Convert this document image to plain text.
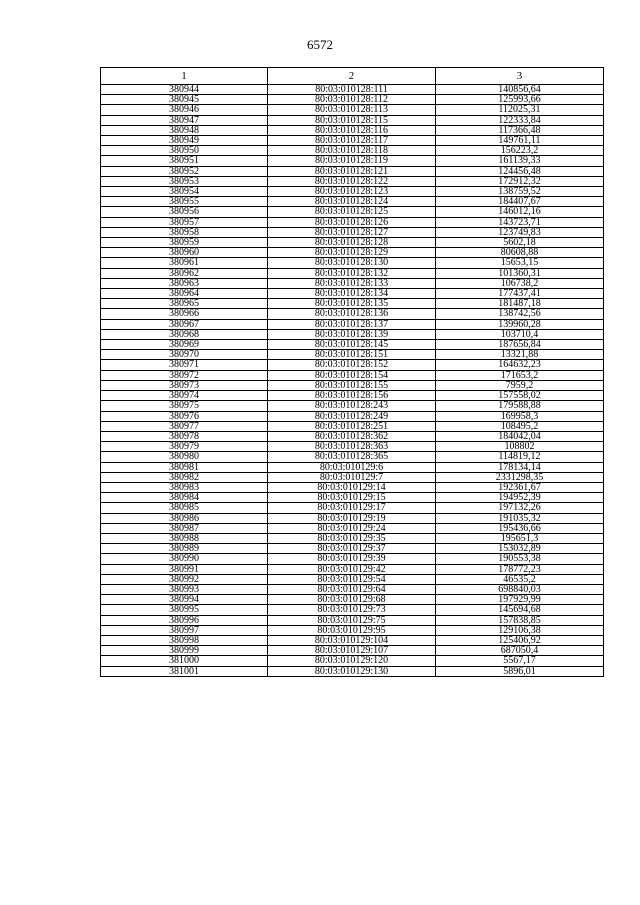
6572
1	2	3
380944	80:03:010128:111	140856,64
380945	80:03:010128:112	125993,66
380946	80:03:010128:113	112025,31
380947	80:03:010128:115	122333,84
380948	80:03:010128:116	117366,48
380949	80:03:010128:117	149761,11
380950	80:03:010128:118	156223,2
380951	80:03:010128:119	161139,33
380952	80:03:010128:121	124456,48
380953	80:03:010128:122	172912,32
380954	80:03:010128:123	138759,52
380955	80:03:010128:124	184407,67
380956	80:03:010128:125	146012,16
380957	80:03:010128:126	143723,71
380958	80:03:010128:127	123749,83
380959	80:03:010128:128	5602,18
380960	80:03:010128:129	80608,88
380961	80:03:010128:130	15653,15
380962	80:03:010128:132	101360,31
380963	80:03:010128:133	106738,2
380964	80:03:010128:134	177437,41
380965	80:03:010128:135	181487,18
380966	80:03:010128:136	138742,56
380967	80:03:010128:137	139960,28
380968	80:03:010128:139	103710,4
380969	80:03:010128:145	187656,84
380970	80:03:010128:151	13321,88
380971	80:03:010128:152	164632,23
380972	80:03:010128:154	171653,2
380973	80:03:010128:155	7959,2
380974	80:03:010128:156	157558,02
380975	80:03:010128:243	179588,88
380976	80:03:010128:249	169958,3
380977	80:03:010128:251	108495,2
380978	80:03:010128:362	184042,04
380979	80:03:010128:363	108802
380980	80:03:010128:365	114819,12
380981	80:03:010129:6	178134,14
380982	80:03:010129:7	2331298,35
380983	80:03:010129:14	192361,67
380984	80:03:010129:15	194952,39
380985	80:03:010129:17	197132,26
380986	80:03:010129:19	191035,32
380987	80:03:010129:24	195436,66
380988	80:03:010129:35	195651,3
380989	80:03:010129:37	153032,89
380990	80:03:010129:39	190553,38
380991	80:03:010129:42	178772,23
380992	80:03:010129:54	46535,2
380993	80:03:010129:64	698840,03
380994	80:03:010129:68	197929,99
380995	80:03:010129:73	145694,68
380996	80:03:010129:75	157838,85
380997	80:03:010129:95	129106,38
380998	80:03:010129:104	125406,92
380999	80:03:010129:107	687050,4
381000	80:03:010129:120	5567,17
381001	80:03:010129:130	5896,01
